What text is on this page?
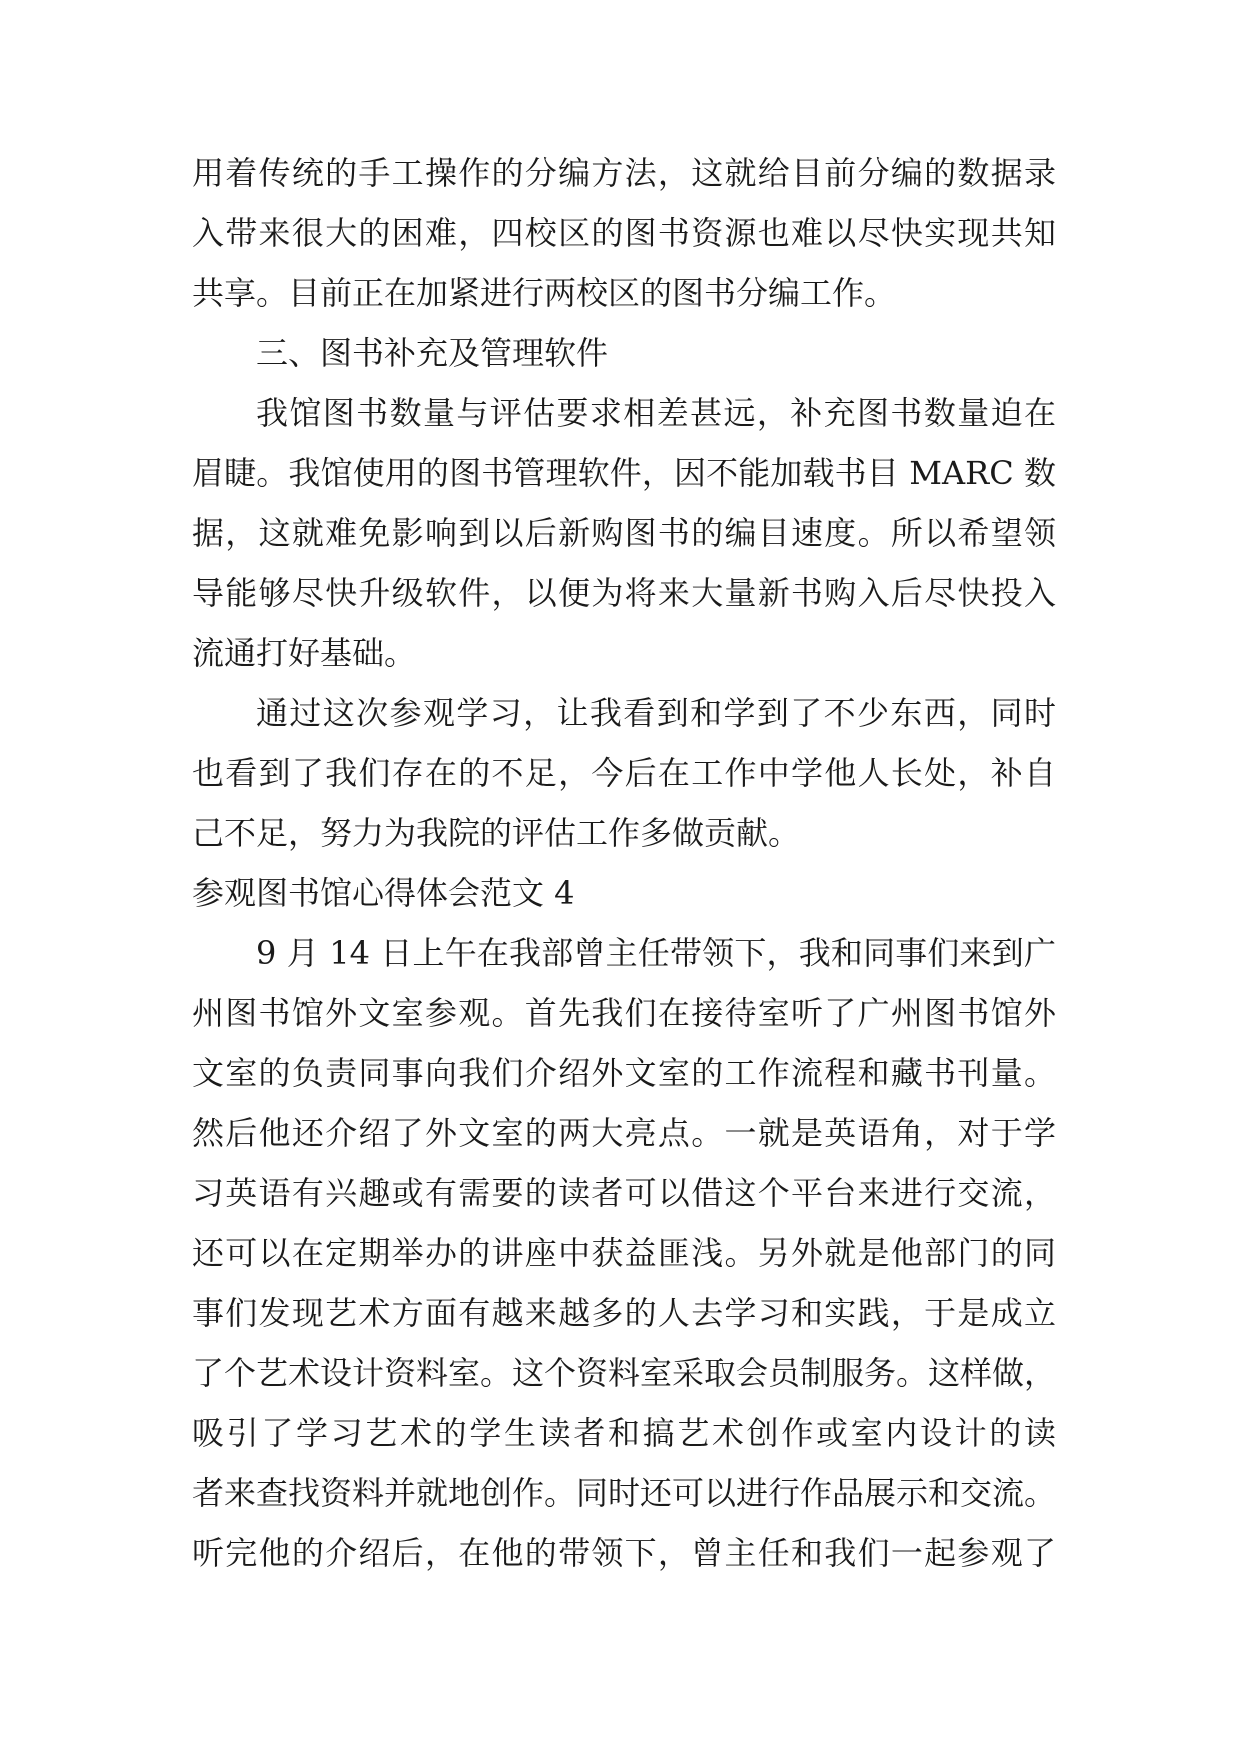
用着传统的手工操作的分编方法，这就给目前分编的数据录
入带来很大的困难，四校区的图书资源也难以尽快实现共知
共享。目前正在加紧进行两校区的图书分编工作。
三、图书补充及管理软件
我馆图书数量与评估要求相差甚远，补充图书数量迫在
眉睫。我馆使用的图书管理软件，因不能加载书目 MARC 数
据，这就难免影响到以后新购图书的编目速度。所以希望领
导能够尽快升级软件，以便为将来大量新书购入后尽快投入
流通打好基础。
通过这次参观学习，让我看到和学到了不少东西，同时
也看到了我们存在的不足，今后在工作中学他人长处，补自
己不足，努力为我院的评估工作多做贡献。
参观图书馆心得体会范文 4
9 月 14 日上午在我部曾主任带领下，我和同事们来到广
州图书馆外文室参观。首先我们在接待室听了广州图书馆外
文室的负责同事向我们介绍外文室的工作流程和藏书刊量。
然后他还介绍了外文室的两大亮点。一就是英语角，对于学
习英语有兴趣或有需要的读者可以借这个平台来进行交流，
还可以在定期举办的讲座中获益匪浅。另外就是他部门的同
事们发现艺术方面有越来越多的人去学习和实践，于是成立
了个艺术设计资料室。这个资料室采取会员制服务。这样做，
吸引了学习艺术的学生读者和搞艺术创作或室内设计的读
者来查找资料并就地创作。同时还可以进行作品展示和交流。
听完他的介绍后，在他的带领下，曾主任和我们一起参观了
